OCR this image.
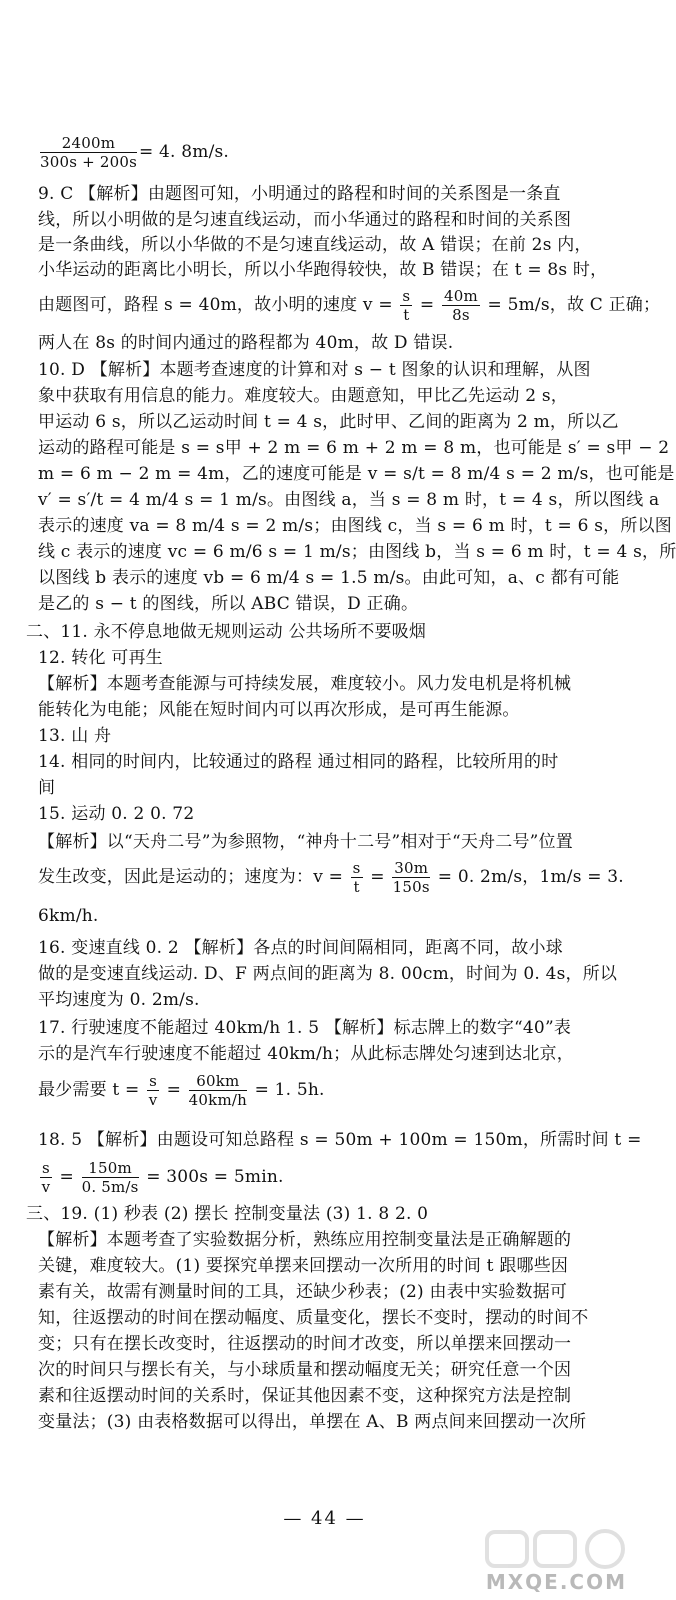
$\frac{2400m}{300s + 200s} = 4$. 8m/s.
9. C 【解析】由题图可知，小明通过的路程和时间的关系图是一条直
线，所以小明做的是匀速直线运动，而小华通过的路程和时间的关系图
是一条曲线，所以小华做的不是匀速直线运动，故 A 错误；在前 2s 内，
小华运动的距离比小明长，所以小华跑得较快，故 B 错误；在 t = 8s 时，
由题图可，路程 s = 40m，故小明的速度 $v = \frac{s}{t} = \frac{40m}{8s} = 5m/s$，故 C 正确；
两人在 8s 的时间内通过的路程都为 40m，故 D 错误.
10. D 【解析】本题考查速度的计算和对 s − t 图象的认识和理解，从图
象中获取有用信息的能力。难度较大。由题意知，甲比乙先运动 2 s，
甲运动 6 s，所以乙运动时间 t = 4 s，此时甲、乙间的距离为 2 m，所以乙
运动的路程可能是 s = s甲 + 2 m = 6 m + 2 m = 8 m，也可能是 s′ = s甲 − 2
m = 6 m − 2 m = 4m，乙的速度可能是 v = s/t = 8 m/4 s = 2 m/s，也可能是
v′ = s′/t = 4 m/4 s = 1 m/s。由图线 a，当 s = 8 m 时，t = 4 s，所以图线 a
表示的速度 va = 8 m/4 s = 2 m/s；由图线 c，当 s = 6 m 时，t = 6 s，所以图
线 c 表示的速度 vc = 6 m/6 s = 1 m/s；由图线 b，当 s = 6 m 时，t = 4 s，所
以图线 b 表示的速度 vb = 6 m/4 s = 1.5 m/s。由此可知，a、c 都有可能
是乙的 s − t 的图线，所以 ABC 错误，D 正确。
二、11. 永不停息地做无规则运动 公共场所不要吸烟
12. 转化 可再生
【解析】本题考查能源与可持续发展，难度较小。风力发电机是将机械
能转化为电能；风能在短时间内可以再次形成，是可再生能源。
13. 山 舟
14. 相同的时间内，比较通过的路程 通过相同的路程，比较所用的时
间
15. 运动 0. 2 0. 72
【解析】以“天舟二号”为参照物，“神舟十二号”相对于“天舟二号”位置
发生改变，因此是运动的；速度为：$v = \frac{s}{t} = \frac{30m}{150s} = 0$. 2m/s，1m/s = 3.
6km/h.
16. 变速直线 0. 2 【解析】各点的时间间隔相同，距离不同，故小球
做的是变速直线运动. D、F 两点间的距离为 8. 00cm，时间为 0. 4s，所以
平均速度为 0. 2m/s.
17. 行驶速度不能超过 40km/h 1. 5 【解析】标志牌上的数字“40”表
示的是汽车行驶速度不能超过 40km/h；从此标志牌处匀速到达北京，
最少需要 $t = \frac{s}{v} = \frac{60km}{40km/h} = 1$. 5h.
18. 5 【解析】由题设可知总路程 s = 50m + 100m = 150m，所需时间 t =
$\frac{s}{v} = \frac{150m}{0. 5m/s} = 300s = 5\min$.
三、19. (1) 秒表 (2) 摆长 控制变量法 (3) 1. 8 2. 0
【解析】本题考查了实验数据分析，熟练应用控制变量法是正确解题的
关键，难度较大。(1) 要探究单摆来回摆动一次所用的时间 t 跟哪些因
素有关，故需有测量时间的工具，还缺少秒表；(2) 由表中实验数据可
知，往返摆动的时间在摆动幅度、质量变化，摆长不变时，摆动的时间不
变；只有在摆长改变时，往返摆动的时间才改变，所以单摆来回摆动一
次的时间只与摆长有关，与小球质量和摆动幅度无关；研究任意一个因
素和往返摆动时间的关系时，保证其他因素不变，这种探究方法是控制
变量法；(3) 由表格数据可以得出，单摆在 A、B 两点间来回摆动一次所
— 44 —
MXQE.COM
